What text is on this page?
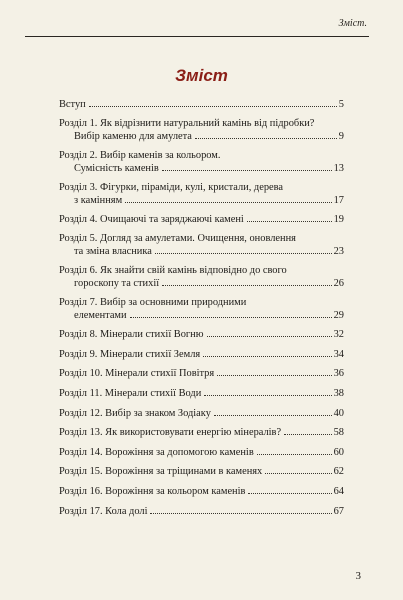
Зміст.
Зміст
Вступ	5
Розділ 1. Як відрізнити натуральний камінь від підробки?
Вибір каменю для амулета	9
Розділ 2. Вибір каменів за кольором.
Сумісність каменів	13
Розділ 3. Фігурки, піраміди, кулі, кристали, дерева
з камінням	17
Розділ 4. Очищаючі та заряджаючі камені	19
Розділ 5. Догляд за амулетами. Очищення, оновлення
та зміна власника	23
Розділ 6. Як знайти свій камінь відповідно до свого
гороскопу та стихії	26
Розділ 7. Вибір за основними природними
елементами	29
Розділ 8. Мінерали стихії Вогню	32
Розділ 9. Мінерали стихії Земля	34
Розділ 10. Мінерали стихії Повітря	36
Розділ 11. Мінерали стихії Води	38
Розділ 12. Вибір за знаком Зодіаку	40
Розділ 13. Як використовувати енергію мінералів?	58
Розділ 14. Ворожіння за допомогою каменів	60
Розділ 15. Ворожіння за тріщинами в каменях	62
Розділ 16. Ворожіння за кольором каменів	64
Розділ 17. Кола долі	67
3
